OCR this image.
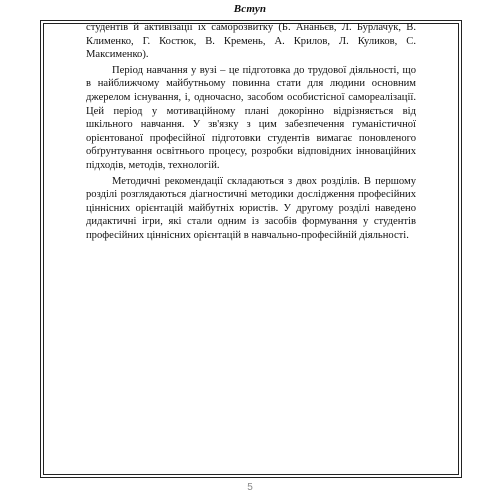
Вступ

студентів й активізації їх саморозвитку (Б. Ананьєв, Л. Бурлачук, В. Клименко, Г. Костюк, В. Кремень, А. Крилов, Л. Куликов, С. Максименко).

Період навчання у вузі – це підготовка до трудової діяльності, що в найближчому майбутньому повинна стати для людини основним джерелом існування, і, одночасно, засобом особистісної самореалізації. Цей період у мотиваційному плані докорінно відрізняється від шкільного навчання. У зв'язку з цим забезпечення гуманістичної орієнтованої професійної підготовки студентів вимагає поновленого обґрунтування освітнього процесу, розробки відповідних інноваційних підходів, методів, технологій.

Методичні рекомендації складаються з двох розділів. В першому розділі розглядаються діагностичні методики дослідження професійних ціннісних орієнтацій майбутніх юристів. У другому розділі наведено дидактичні ігри, які стали одним із засобів формування у студентів професійних ціннісних орієнтацій в навчально-професійній діяльності.

5
